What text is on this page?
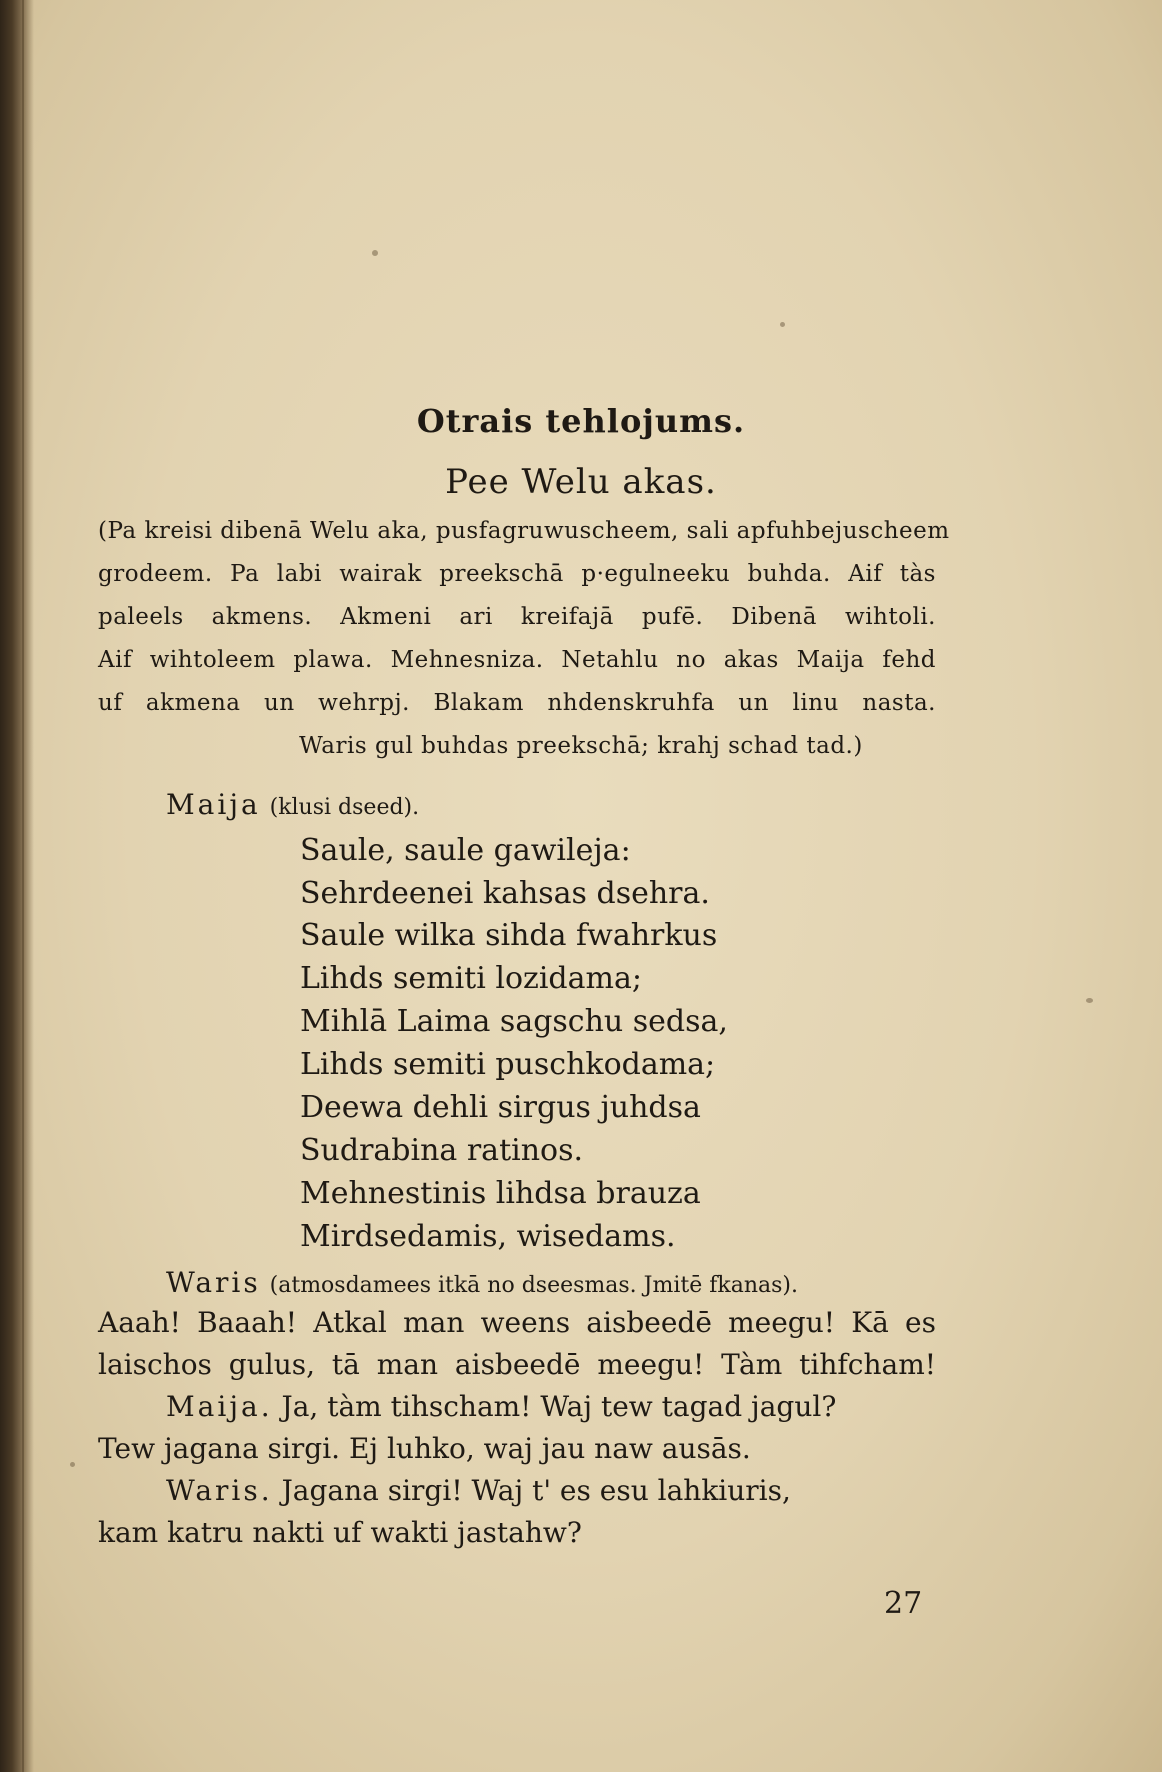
Otrais tehlojums.
Pee Welu akas.
(Pa kreisi dibenā Welu aka, pusfagruwuscheem, sali apfuhbejuscheem
grodeem. Pa labi wairak preekschā p·egulneeku buhda. Aif tàs
paleels akmens. Akmeni ari kreifajā pufē. Dibenā wihtoli.
Aif wihtoleem plawa. Mehnesniza. Netahlu no akas Maija fehd
uf akmena un wehrpj. Blakam nhdenskruhfa un linu nasta.
Waris gul buhdas preekschā; krahj schad tad.)
Maija (klusi dseed).
Saule, saule gawileja:
Sehrdeenei kahsas dsehra.
Saule wilka sihda fwahrkus
Lihds semiti lozidama;
Mihlā Laima sagschu sedsa,
Lihds semiti puschkodama;
Deewa dehli sirgus juhdsa
Sudrabina ratinos.
Mehnestinis lihdsa brauza
Mirdsedamis, wisedams.
Waris (atmosdamees itkā no dseesmas. Jmitē fkanas).
Aaah! Baaah! Atkal man weens aisbeedē meegu! Kā es
laischos gulus, tā man aisbeedē meegu! Tàm tihfcham!
Maija. Ja, tàm tihscham! Waj tew tagad jagul?
Tew jagana sirgi. Ej luhko, waj jau naw ausās.
Waris. Jagana sirgi! Waj t' es esu lahkiuris,
kam katru nakti uf wakti jastahw?
27
